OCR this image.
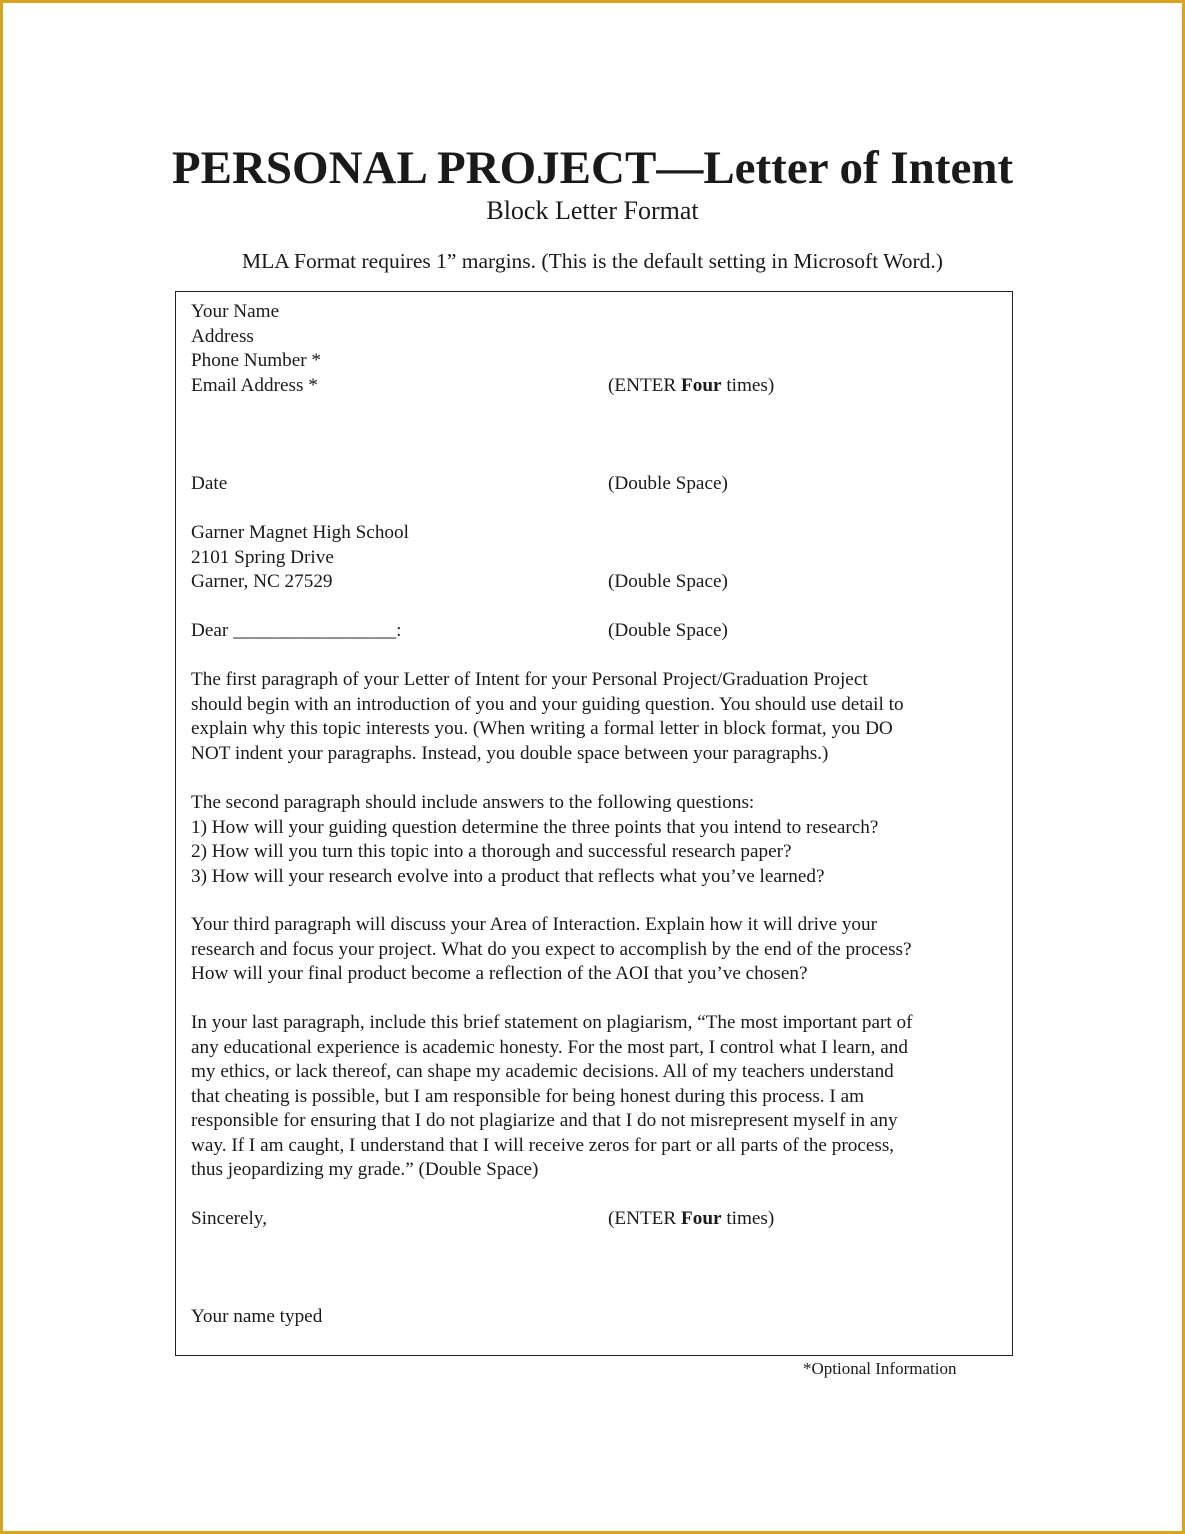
PERSONAL PROJECT—Letter of Intent
Block Letter Format
MLA Format requires 1” margins. (This is the default setting in Microsoft Word.)
Your Name
Address
Phone Number *
Email Address *	(ENTER Four times)
Date	(Double Space)
Garner Magnet High School
2101 Spring Drive
Garner, NC 27529	(Double Space)
Dear _________________:	(Double Space)
The first paragraph of your Letter of Intent for your Personal Project/Graduation Project
should begin with an introduction of you and your guiding question. You should use detail to
explain why this topic interests you. (When writing a formal letter in block format, you DO
NOT indent your paragraphs. Instead, you double space between your paragraphs.)
The second paragraph should include answers to the following questions:
1) How will your guiding question determine the three points that you intend to research?
2) How will you turn this topic into a thorough and successful research paper?
3) How will your research evolve into a product that reflects what you’ve learned?
Your third paragraph will discuss your Area of Interaction. Explain how it will drive your
research and focus your project. What do you expect to accomplish by the end of the process?
How will your final product become a reflection of the AOI that you’ve chosen?
In your last paragraph, include this brief statement on plagiarism, “The most important part of
any educational experience is academic honesty. For the most part, I control what I learn, and
my ethics, or lack thereof, can shape my academic decisions. All of my teachers understand
that cheating is possible, but I am responsible for being honest during this process. I am
responsible for ensuring that I do not plagiarize and that I do not misrepresent myself in any
way. If I am caught, I understand that I will receive zeros for part or all parts of the process,
thus jeopardizing my grade.” (Double Space)
Sincerely,	(ENTER Four times)
Your name typed
*Optional Information
